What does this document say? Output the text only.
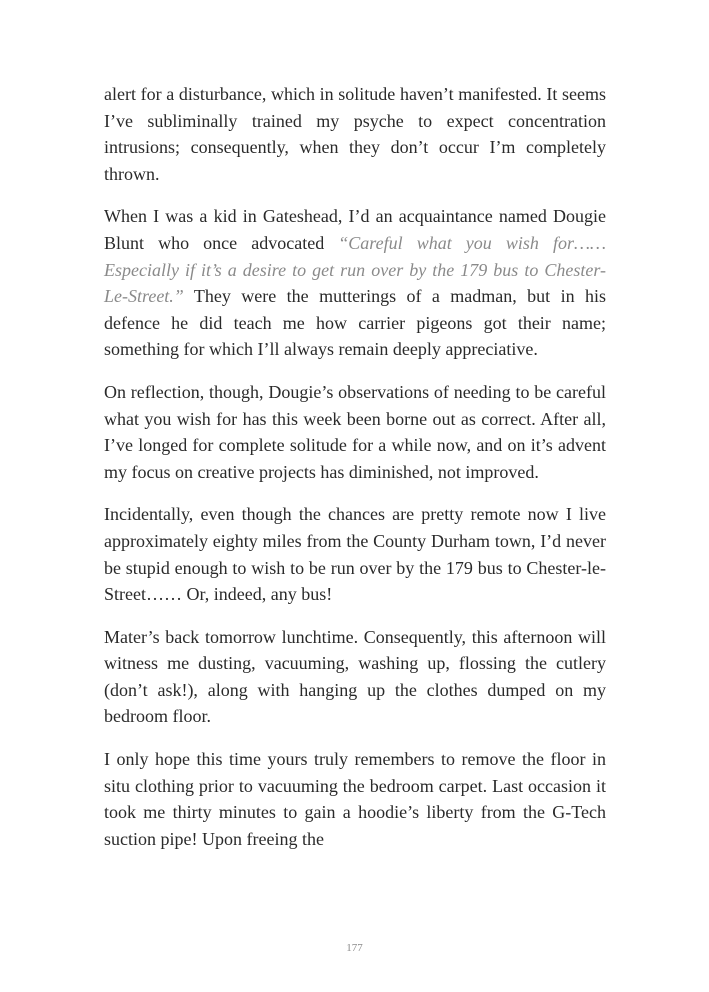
alert for a disturbance, which in solitude haven’t manifested. It seems I’ve subliminally trained my psyche to expect concentration intrusions; consequently, when they don’t occur I’m completely thrown.

When I was a kid in Gateshead, I’d an acquaintance named Dougie Blunt who once advocated “Careful what you wish for…… Especially if it’s a desire to get run over by the 179 bus to Chester-Le-Street.” They were the mutterings of a madman, but in his defence he did teach me how carrier pigeons got their name; something for which I’ll always remain deeply appreciative.

On reflection, though, Dougie’s observations of needing to be careful what you wish for has this week been borne out as correct. After all, I’ve longed for complete solitude for a while now, and on it’s advent my focus on creative projects has diminished, not improved.

Incidentally, even though the chances are pretty remote now I live approximately eighty miles from the County Durham town, I’d never be stupid enough to wish to be run over by the 179 bus to Chester-le-Street…… Or, indeed, any bus!

Mater’s back tomorrow lunchtime. Consequently, this afternoon will witness me dusting, vacuuming, washing up, flossing the cutlery (don’t ask!), along with hanging up the clothes dumped on my bedroom floor.

I only hope this time yours truly remembers to remove the floor in situ clothing prior to vacuuming the bedroom carpet. Last occasion it took me thirty minutes to gain a hoodie’s liberty from the G-Tech suction pipe! Upon freeing the

177
